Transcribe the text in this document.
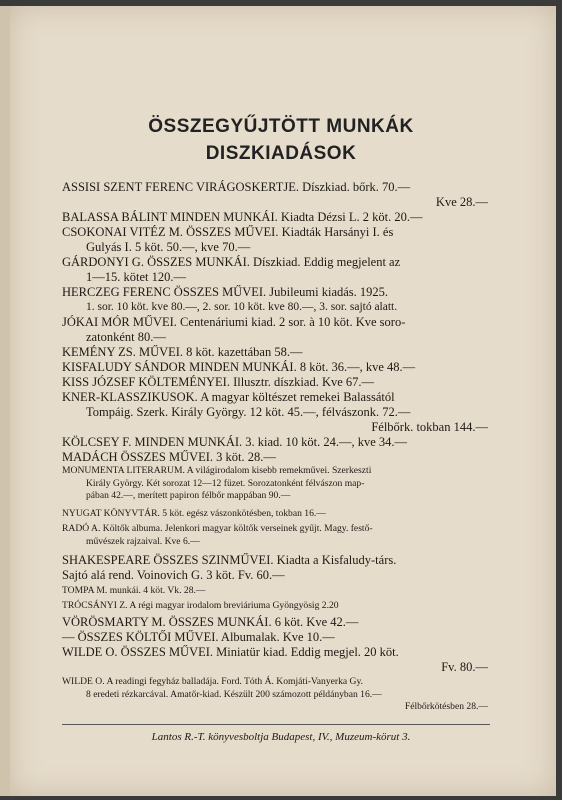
ÖSSZEGYŰJTÖTT MUNKÁK
DISZKIADÁSOK
ASSISI SZENT FERENC VIRÁGOSKERTJE. Díszkiad. bőrk. 70.—
Kve 28.—
BALASSA BÁLINT MINDEN MUNKÁI. Kiadta Dézsi L. 2 köt. 20.—
CSOKONAI VITÉZ M. ÖSSZES MŰVEI. Kiadták Harsányi I. és
Gulyás I. 5 köt. 50.—, kve 70.—
GÁRDONYI G. ÖSSZES MUNKÁI. Díszkiad. Eddig megjelent az
1—15. kötet 120.—
HERCZEG FERENC ÖSSZES MŰVEI. Jubileumi kiadás. 1925.
1. sor. 10 köt. kve 80.—, 2. sor. 10 köt. kve 80.—, 3. sor. sajtó alatt.
JÓKAI MÓR MŰVEI. Centenáriumi kiad. 2 sor. à 10 köt. Kve soro-
zatonként 80.—
KEMÉNY ZS. MŰVEI. 8 köt. kazettában 58.—
KISFALUDY SÁNDOR MINDEN MUNKÁI. 8 köt. 36.—, kve 48.—
KISS JÓZSEF KÖLTEMÉNYEI. Illusztr. díszkiad. Kve 67.—
KNER-KLASSZIKUSOK. A magyar költészet remekei Balassától
Tompáig. Szerk. Király György. 12 köt. 45.—, félvászonk. 72.—
Félbőrk. tokban 144.—
KÖLCSEY F. MINDEN MUNKÁI. 3. kiad. 10 köt. 24.—, kve 34.—
MADÁCH ÖSSZES MŰVEI. 3 köt. 28.—
MONUMENTA LITERARUM. A világirodalom kisebb remekművei. Szerkeszti
Király György. Két sorozat 12—12 füzet. Sorozatonként félvászon map-
pában 42.—, merített papiron félbőr mappában 90.—
NYUGAT KÖNYVTÁR. 5 köt. egész vászonkötésben, tokban 16.—
RADÓ A. Költők albuma. Jelenkori magyar költők verseinek gyűjt. Magy. festő-
művészek rajzaival. Kve 6.—
SHAKESPEARE ÖSSZES SZINMŰVEI. Kiadta a Kisfaludy-társ.
Sajtó alá rend. Voinovich G. 3 köt. Fv. 60.—
TOMPA M. munkái. 4 köt. Vk. 28.—
TRÓCSÁNYI Z. A régi magyar irodalom breviáriuma Gyöngyösig 2.20
VÖRÖSMARTY M. ÖSSZES MUNKÁI. 6 köt. Kve 42.—
— ÖSSZES KÖLTŐI MŰVEI. Albumalak. Kve 10.—
WILDE O. ÖSSZES MŰVEI. Miniatür kiad. Eddig megjel. 20 köt.
Fv. 80.—
WILDE O. A readingi fegyház balladája. Ford. Tóth Á. Komjáti-Vanyerka Gy.
8 eredeti rézkarcával. Amatőr-kiad. Készült 200 számozott példányban 16.—
Félbőrkötésben 28.—
Lantos R.-T. könyvesboltja Budapest, IV., Muzeum-körut 3.
